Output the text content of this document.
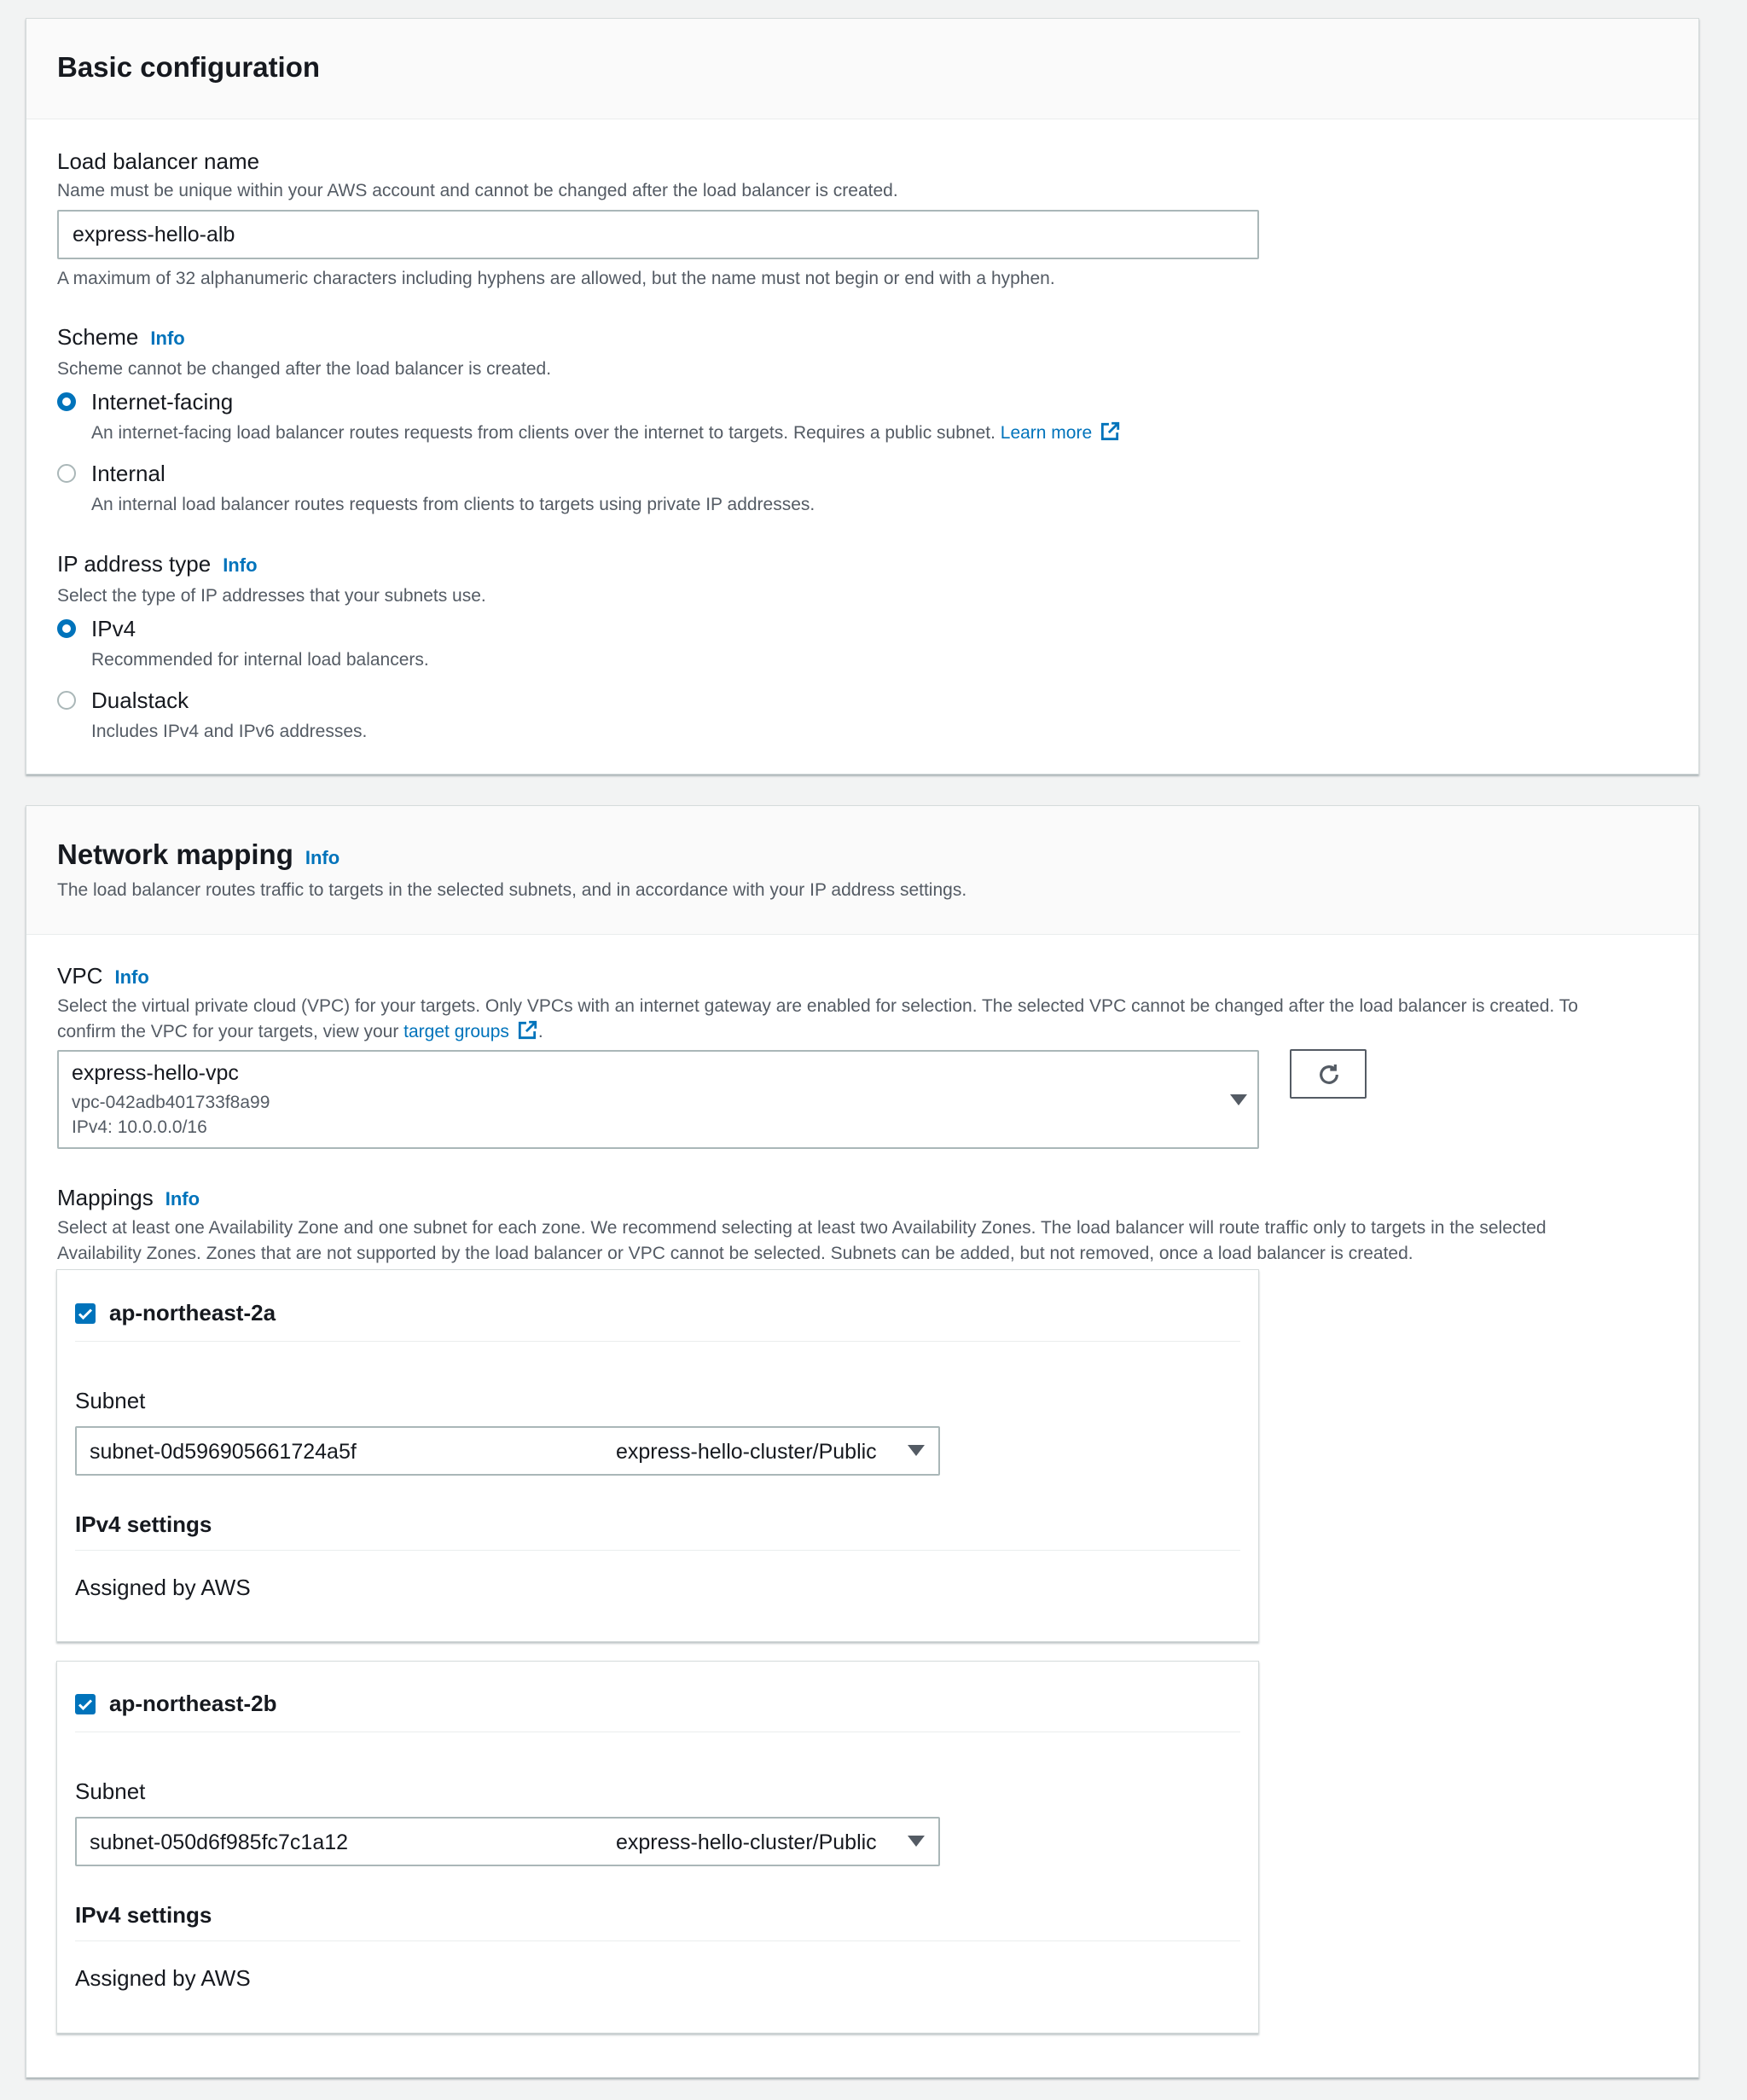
Basic configuration
Load balancer name
Name must be unique within your AWS account and cannot be changed after the load balancer is created.
express-hello-alb
A maximum of 32 alphanumeric characters including hyphens are allowed, but the name must not begin or end with a hyphen.
Scheme Info
Scheme cannot be changed after the load balancer is created.
Internet-facing
An internet-facing load balancer routes requests from clients over the internet to targets. Requires a public subnet. Learn more
Internal
An internal load balancer routes requests from clients to targets using private IP addresses.
IP address type Info
Select the type of IP addresses that your subnets use.
IPv4
Recommended for internal load balancers.
Dualstack
Includes IPv4 and IPv6 addresses.
Network mapping Info
The load balancer routes traffic to targets in the selected subnets, and in accordance with your IP address settings.
VPC Info
Select the virtual private cloud (VPC) for your targets. Only VPCs with an internet gateway are enabled for selection. The selected VPC cannot be changed after the load balancer is created. To
confirm the VPC for your targets, view your target groups .
express-hello-vpc
vpc-042adb401733f8a99
IPv4: 10.0.0.0/16
Mappings Info
Select at least one Availability Zone and one subnet for each zone. We recommend selecting at least two Availability Zones. The load balancer will route traffic only to targets in the selected
Availability Zones. Zones that are not supported by the load balancer or VPC cannot be selected. Subnets can be added, but not removed, once a load balancer is created.
ap-northeast-2a
Subnet
subnet-0d596905661724a5f	express-hello-cluster/Public
IPv4 settings
Assigned by AWS
ap-northeast-2b
Subnet
subnet-050d6f985fc7c1a12	express-hello-cluster/Public
IPv4 settings
Assigned by AWS
